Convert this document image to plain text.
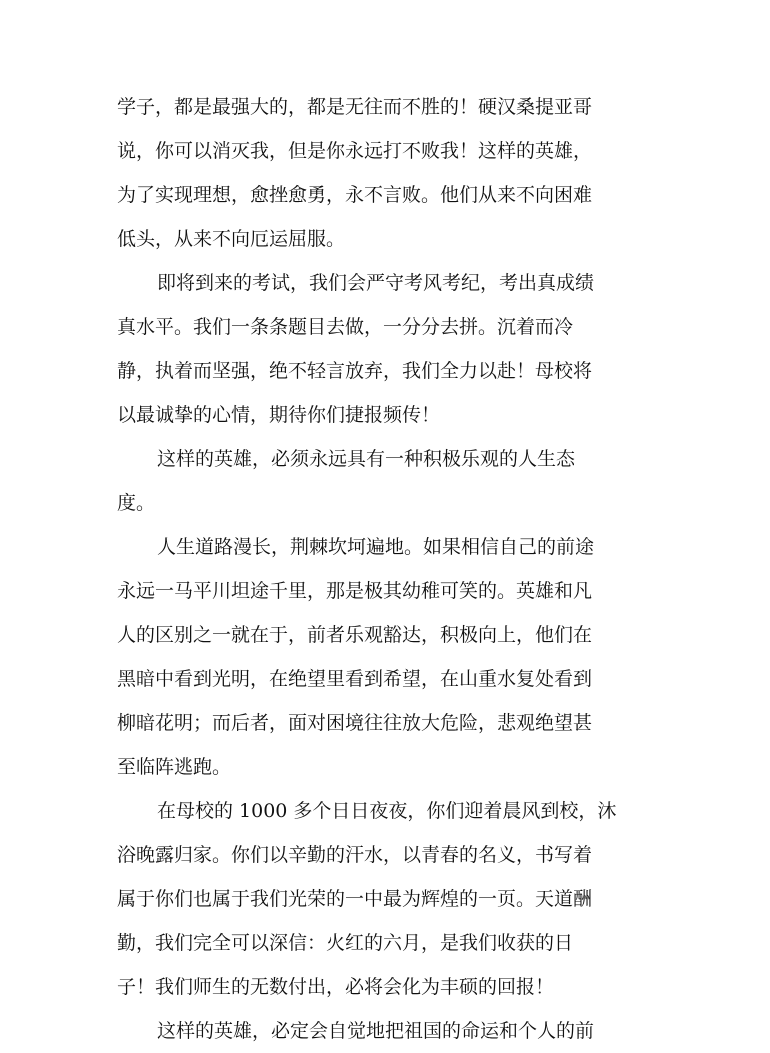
学子，都是最强大的，都是无往而不胜的！硬汉桑提亚哥
说，你可以消灭我，但是你永远打不败我！这样的英雄，
为了实现理想，愈挫愈勇，永不言败。他们从来不向困难
低头，从来不向厄运屈服。
即将到来的考试，我们会严守考风考纪，考出真成绩
真水平。我们一条条题目去做，一分分去拼。沉着而冷
静，执着而坚强，绝不轻言放弃，我们全力以赴！母校将
以最诚挚的心情，期待你们捷报频传！
这样的英雄，必须永远具有一种积极乐观的人生态
度。
人生道路漫长，荆棘坎坷遍地。如果相信自己的前途
永远一马平川坦途千里，那是极其幼稚可笑的。英雄和凡
人的区别之一就在于，前者乐观豁达，积极向上，他们在
黑暗中看到光明，在绝望里看到希望，在山重水复处看到
柳暗花明；而后者，面对困境往往放大危险，悲观绝望甚
至临阵逃跑。
在母校的 1000 多个日日夜夜，你们迎着晨风到校，沐
浴晚露归家。你们以辛勤的汗水，以青春的名义，书写着
属于你们也属于我们光荣的一中最为辉煌的一页。天道酬
勤，我们完全可以深信：火红的六月，是我们收获的日
子！我们师生的无数付出，必将会化为丰硕的回报！
这样的英雄，必定会自觉地把祖国的命运和个人的前
